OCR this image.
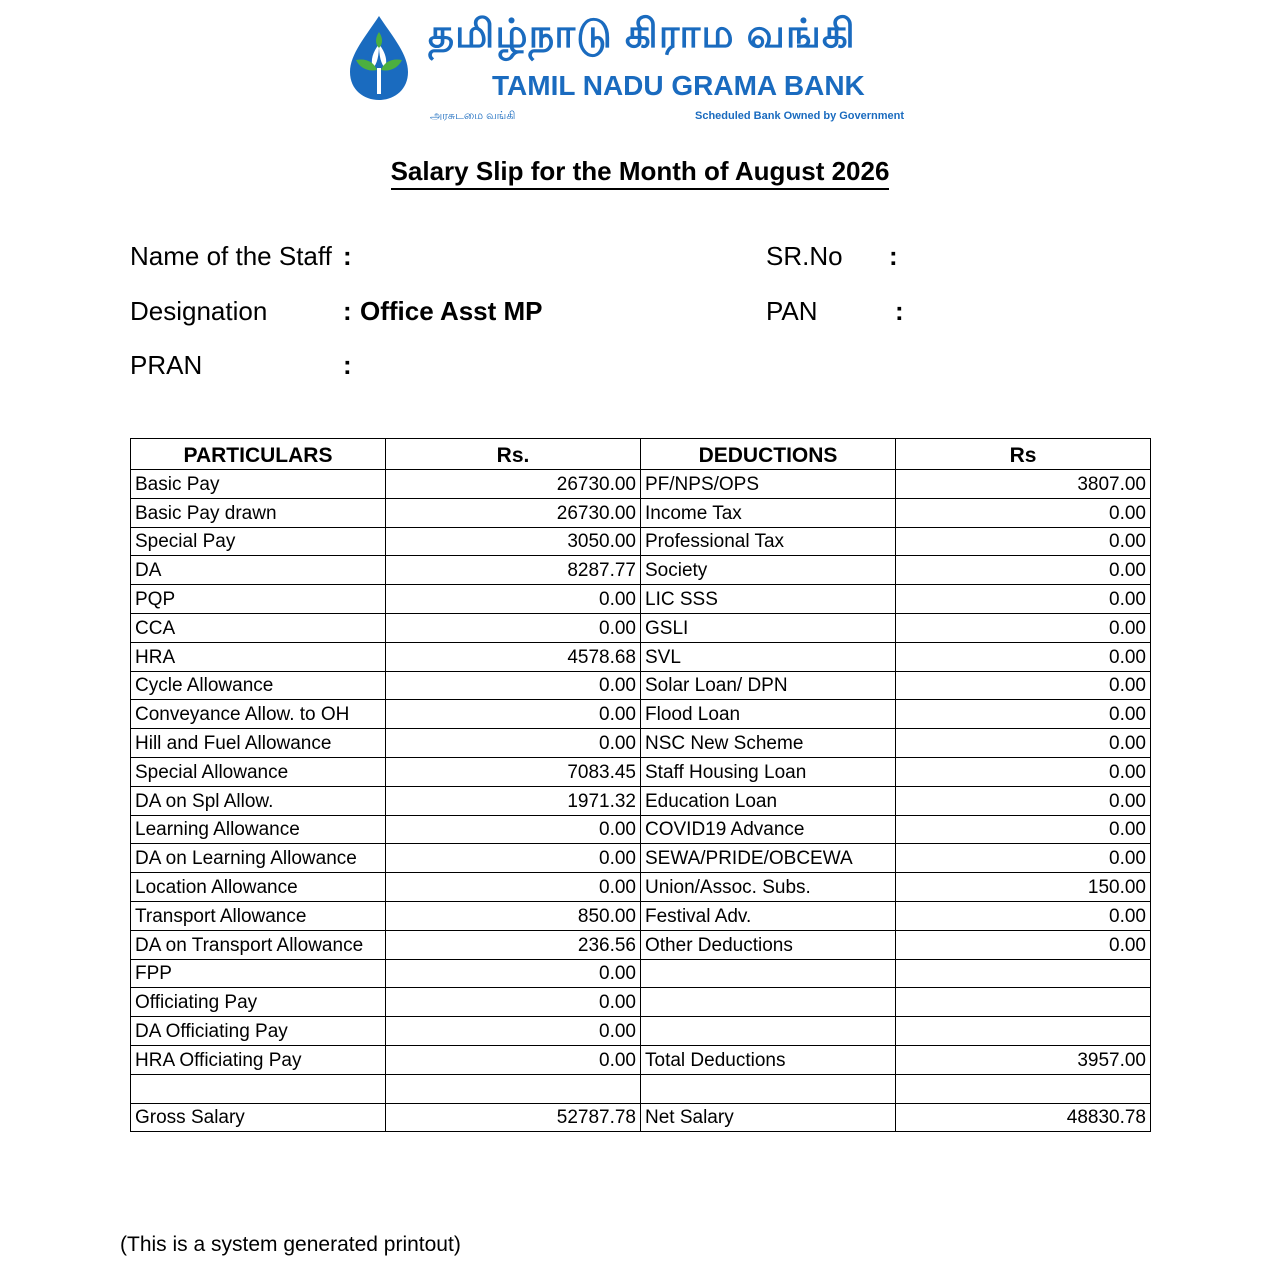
தமிழ்நாடு கிராம வங்கி
TAMIL NADU GRAMA BANK
அரசுடமை வங்கி	Scheduled Bank Owned by Government
Salary Slip for the Month of August 2026
Name of the Staff :
Designation	: Office Asst MP
PRAN	:
SR.No :
PAN	:
PARTICULARS	Rs.	DEDUCTIONS	Rs
Basic Pay	26730.00	PF/NPS/OPS	3807.00
Basic Pay drawn	26730.00	Income Tax	0.00
Special Pay	3050.00	Professional Tax	0.00
DA	8287.77	Society	0.00
PQP	0.00	LIC SSS	0.00
CCA	0.00	GSLI	0.00
HRA	4578.68	SVL	0.00
Cycle Allowance	0.00	Solar Loan/ DPN	0.00
Conveyance Allow. to OH	0.00	Flood Loan	0.00
Hill and Fuel Allowance	0.00	NSC New Scheme	0.00
Special Allowance	7083.45	Staff Housing Loan	0.00
DA on Spl Allow.	1971.32	Education Loan	0.00
Learning Allowance	0.00	COVID19 Advance	0.00
DA on Learning Allowance	0.00	SEWA/PRIDE/OBCEWA	0.00
Location Allowance	0.00	Union/Assoc. Subs.	150.00
Transport Allowance	850.00	Festival Adv.	0.00
DA on Transport Allowance	236.56	Other Deductions	0.00
FPP	0.00		
Officiating Pay	0.00		
DA Officiating Pay	0.00		
HRA Officiating Pay	0.00	Total Deductions	3957.00

Gross Salary	52787.78	Net Salary	48830.78
(This is a system generated printout)
